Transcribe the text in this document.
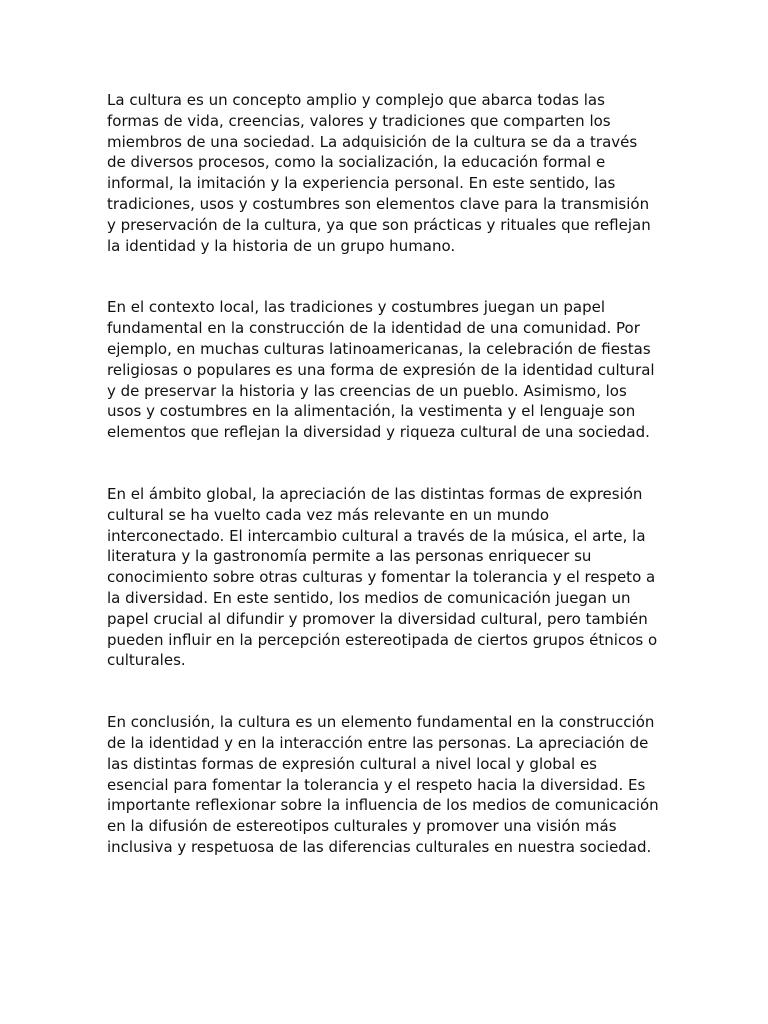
La cultura es un concepto amplio y complejo que abarca todas las
formas de vida, creencias, valores y tradiciones que comparten los
miembros de una sociedad. La adquisición de la cultura se da a través
de diversos procesos, como la socialización, la educación formal e
informal, la imitación y la experiencia personal. En este sentido, las
tradiciones, usos y costumbres son elementos clave para la transmisión
y preservación de la cultura, ya que son prácticas y rituales que reflejan
la identidad y la historia de un grupo humano.

En el contexto local, las tradiciones y costumbres juegan un papel
fundamental en la construcción de la identidad de una comunidad. Por
ejemplo, en muchas culturas latinoamericanas, la celebración de fiestas
religiosas o populares es una forma de expresión de la identidad cultural
y de preservar la historia y las creencias de un pueblo. Asimismo, los
usos y costumbres en la alimentación, la vestimenta y el lenguaje son
elementos que reflejan la diversidad y riqueza cultural de una sociedad.

En el ámbito global, la apreciación de las distintas formas de expresión
cultural se ha vuelto cada vez más relevante en un mundo
interconectado. El intercambio cultural a través de la música, el arte, la
literatura y la gastronomía permite a las personas enriquecer su
conocimiento sobre otras culturas y fomentar la tolerancia y el respeto a
la diversidad. En este sentido, los medios de comunicación juegan un
papel crucial al difundir y promover la diversidad cultural, pero también
pueden influir en la percepción estereotipada de ciertos grupos étnicos o
culturales.

En conclusión, la cultura es un elemento fundamental en la construcción
de la identidad y en la interacción entre las personas. La apreciación de
las distintas formas de expresión cultural a nivel local y global es
esencial para fomentar la tolerancia y el respeto hacia la diversidad. Es
importante reflexionar sobre la influencia de los medios de comunicación
en la difusión de estereotipos culturales y promover una visión más
inclusiva y respetuosa de las diferencias culturales en nuestra sociedad.
